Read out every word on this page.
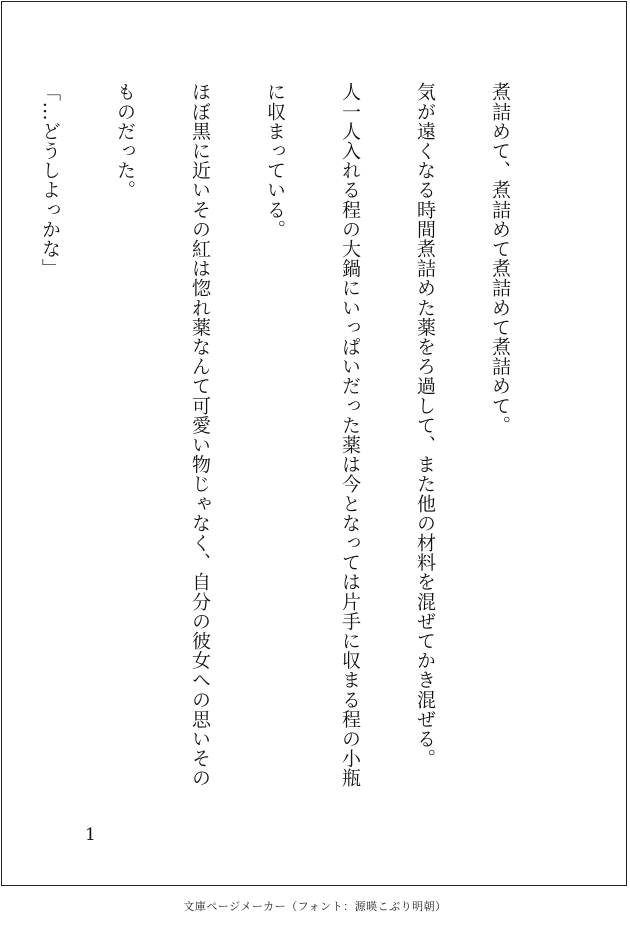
煮詰めて、煮詰めて煮詰めて煮詰めて。

気が遠くなる時間煮詰めた薬をろ過して、また他の材料を混ぜてかき混ぜる。

人一人入れる程の大鍋にいっぱいだった薬は今となっては片手に収まる程の小瓶

に収まっている。

ほぼ黒に近いその紅は惚れ薬なんて可愛い物じゃなく、自分の彼女への思いその

ものだった。

「…どうしよっかな」

1
文庫ページメーカー（フォント：源暎こぶり明朝）
